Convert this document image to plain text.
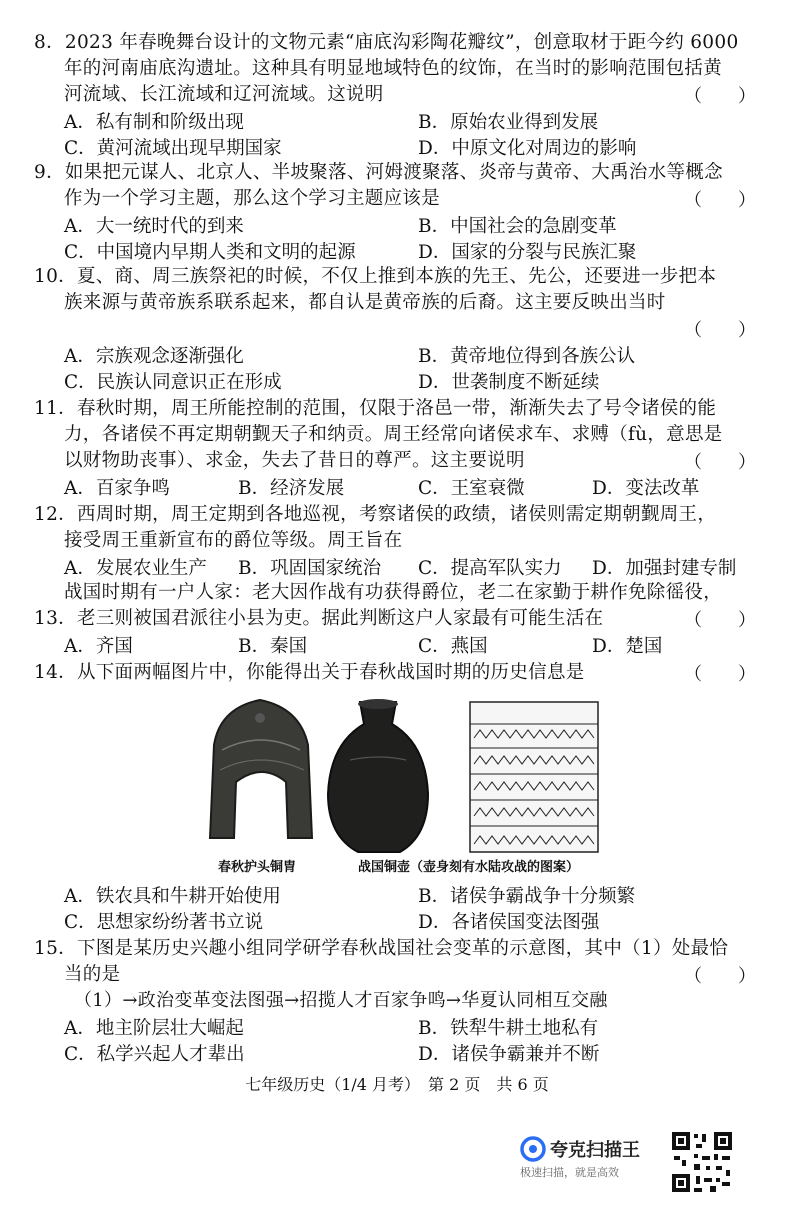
8．2023 年春晚舞台设计的文物元素“庙底沟彩陶花瓣纹”，创意取材于距今约 6000
年的河南庙底沟遗址。这种具有明显地域特色的纹饰，在当时的影响范围包括黄
河流域、长江流域和辽河流域。这说明	（　　）
A．私有制和阶级出现	B．原始农业得到发展
C．黄河流域出现早期国家	D．中原文化对周边的影响
9．如果把元谋人、北京人、半坡聚落、河姆渡聚落、炎帝与黄帝、大禹治水等概念
作为一个学习主题，那么这个学习主题应该是	（　　）
A．大一统时代的到来	B．中国社会的急剧变革
C．中国境内早期人类和文明的起源	D．国家的分裂与民族汇聚
10．夏、商、周三族祭祀的时候，不仅上推到本族的先王、先公，还要进一步把本
族来源与黄帝族系联系起来，都自认是黄帝族的后裔。这主要反映出当时
（　　）
A．宗族观念逐渐强化	B．黄帝地位得到各族公认
C．民族认同意识正在形成	D．世袭制度不断延续
11．春秋时期，周王所能控制的范围，仅限于洛邑一带，渐渐失去了号令诸侯的能
力，各诸侯不再定期朝觐天子和纳贡。周王经常向诸侯求车、求赙（fù，意思是
以财物助丧事）、求金，失去了昔日的尊严。这主要说明	（　　）
A．百家争鸣	B．经济发展	C．王室衰微	D．变法改革
12．西周时期，周王定期到各地巡视，考察诸侯的政绩，诸侯则需定期朝觐周王，
接受周王重新宣布的爵位等级。周王旨在
A．发展农业生产 B．巩固国家统治 C．提高军队实力 D．加强封建专制
战国时期有一户人家：老大因作战有功获得爵位，老二在家勤于耕作免除徭役，
13．老三则被国君派往小县为吏。据此判断这户人家最有可能生活在	（　　）
A．齐国	B．秦国	C．燕国	D．楚国
14．从下面两幅图片中，你能得出关于春秋战国时期的历史信息是	（　　）
春秋护头铜胄	战国铜壶（壶身刻有水陆攻战的图案）
A．铁农具和牛耕开始使用	B．诸侯争霸战争十分频繁
C．思想家纷纷著书立说	D．各诸侯国变法图强
15．下图是某历史兴趣小组同学研学春秋战国社会变革的示意图，其中（1）处最恰
当的是	（　　）
（1）→政治变革变法图强→招揽人才百家争鸣→华夏认同相互交融
A．地主阶层壮大崛起	B．铁犁牛耕土地私有
C．私学兴起人才辈出	D．诸侯争霸兼并不断
七年级历史（1/4 月考）　第 2 页　共 6 页
夸克扫描王
极速扫描，就是高效
